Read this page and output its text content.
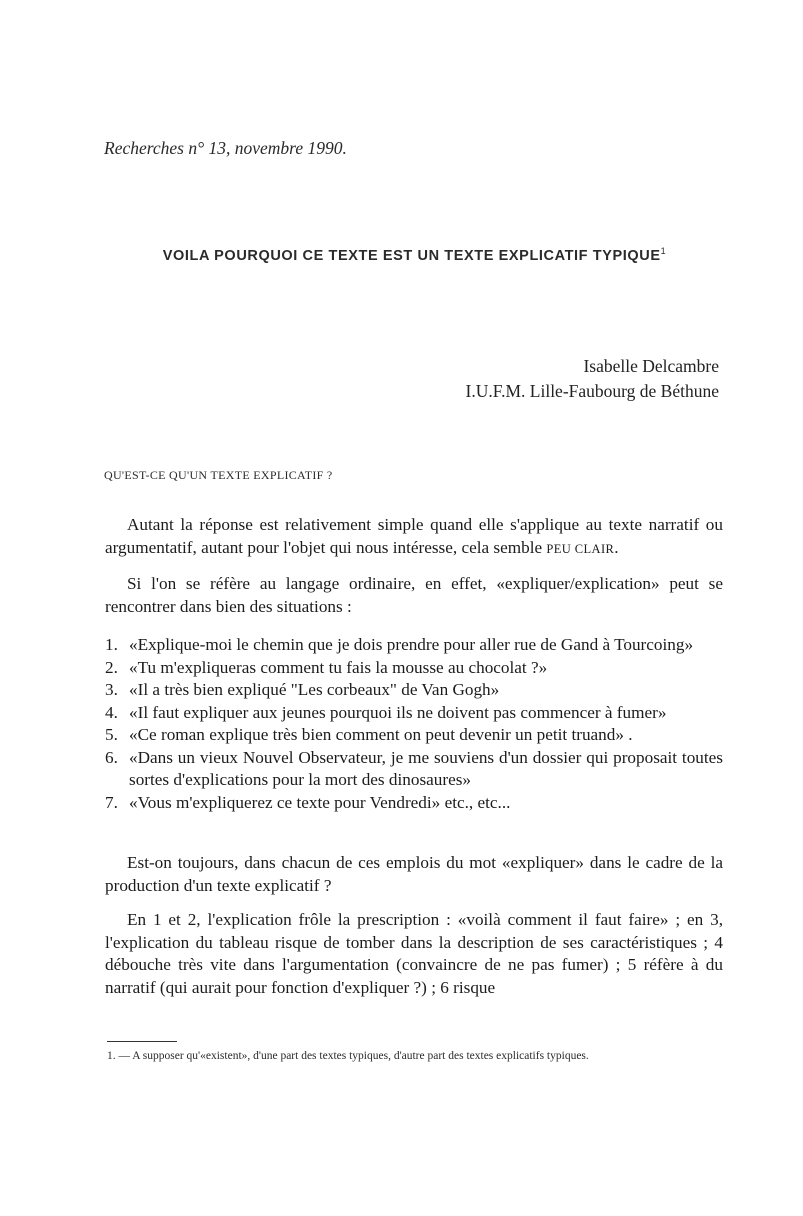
Recherches n° 13, novembre 1990.
VOILA POURQUOI CE TEXTE EST UN TEXTE EXPLICATIF TYPIQUE$^1$
Isabelle Delcambre
I.U.F.M. Lille-Faubourg de Béthune
QU'EST-CE QU'UN TEXTE EXPLICATIF ?

Autant la réponse est relativement simple quand elle s'applique au texte narratif ou argumentatif, autant pour l'objet qui nous intéresse, cela semble PEU CLAIR.

Si l'on se réfère au langage ordinaire, en effet, «expliquer/explication» peut se rencontrer dans bien des situations :

1. «Explique-moi le chemin que je dois prendre pour aller rue de Gand à Tourcoing»
2. «Tu m'expliqueras comment tu fais la mousse au chocolat ?»
3. «Il a très bien expliqué "Les corbeaux" de Van Gogh»
4. «Il faut expliquer aux jeunes pourquoi ils ne doivent pas commencer à fumer»
5. «Ce roman explique très bien comment on peut devenir un petit truand» .
6. «Dans un vieux Nouvel Observateur, je me souviens d'un dossier qui proposait toutes sortes d'explications pour la mort des dinosaures»
7. «Vous m'expliquerez ce texte pour Vendredi» etc., etc...

Est-on toujours, dans chacun de ces emplois du mot «expliquer» dans le cadre de la production d'un texte explicatif ?

En 1 et 2, l'explication frôle la prescription : «voilà comment il faut faire» ; en 3, l'explication du tableau risque de tomber dans la description de ses caractéristiques ; 4 débouche très vite dans l'argumentation (convaincre de ne pas fumer) ; 5 réfère à du narratif (qui aurait pour fonction d'expliquer ?) ; 6 risque

1. — A supposer qu'«existent», d'une part des textes typiques, d'autre part des textes explicatifs typiques.
